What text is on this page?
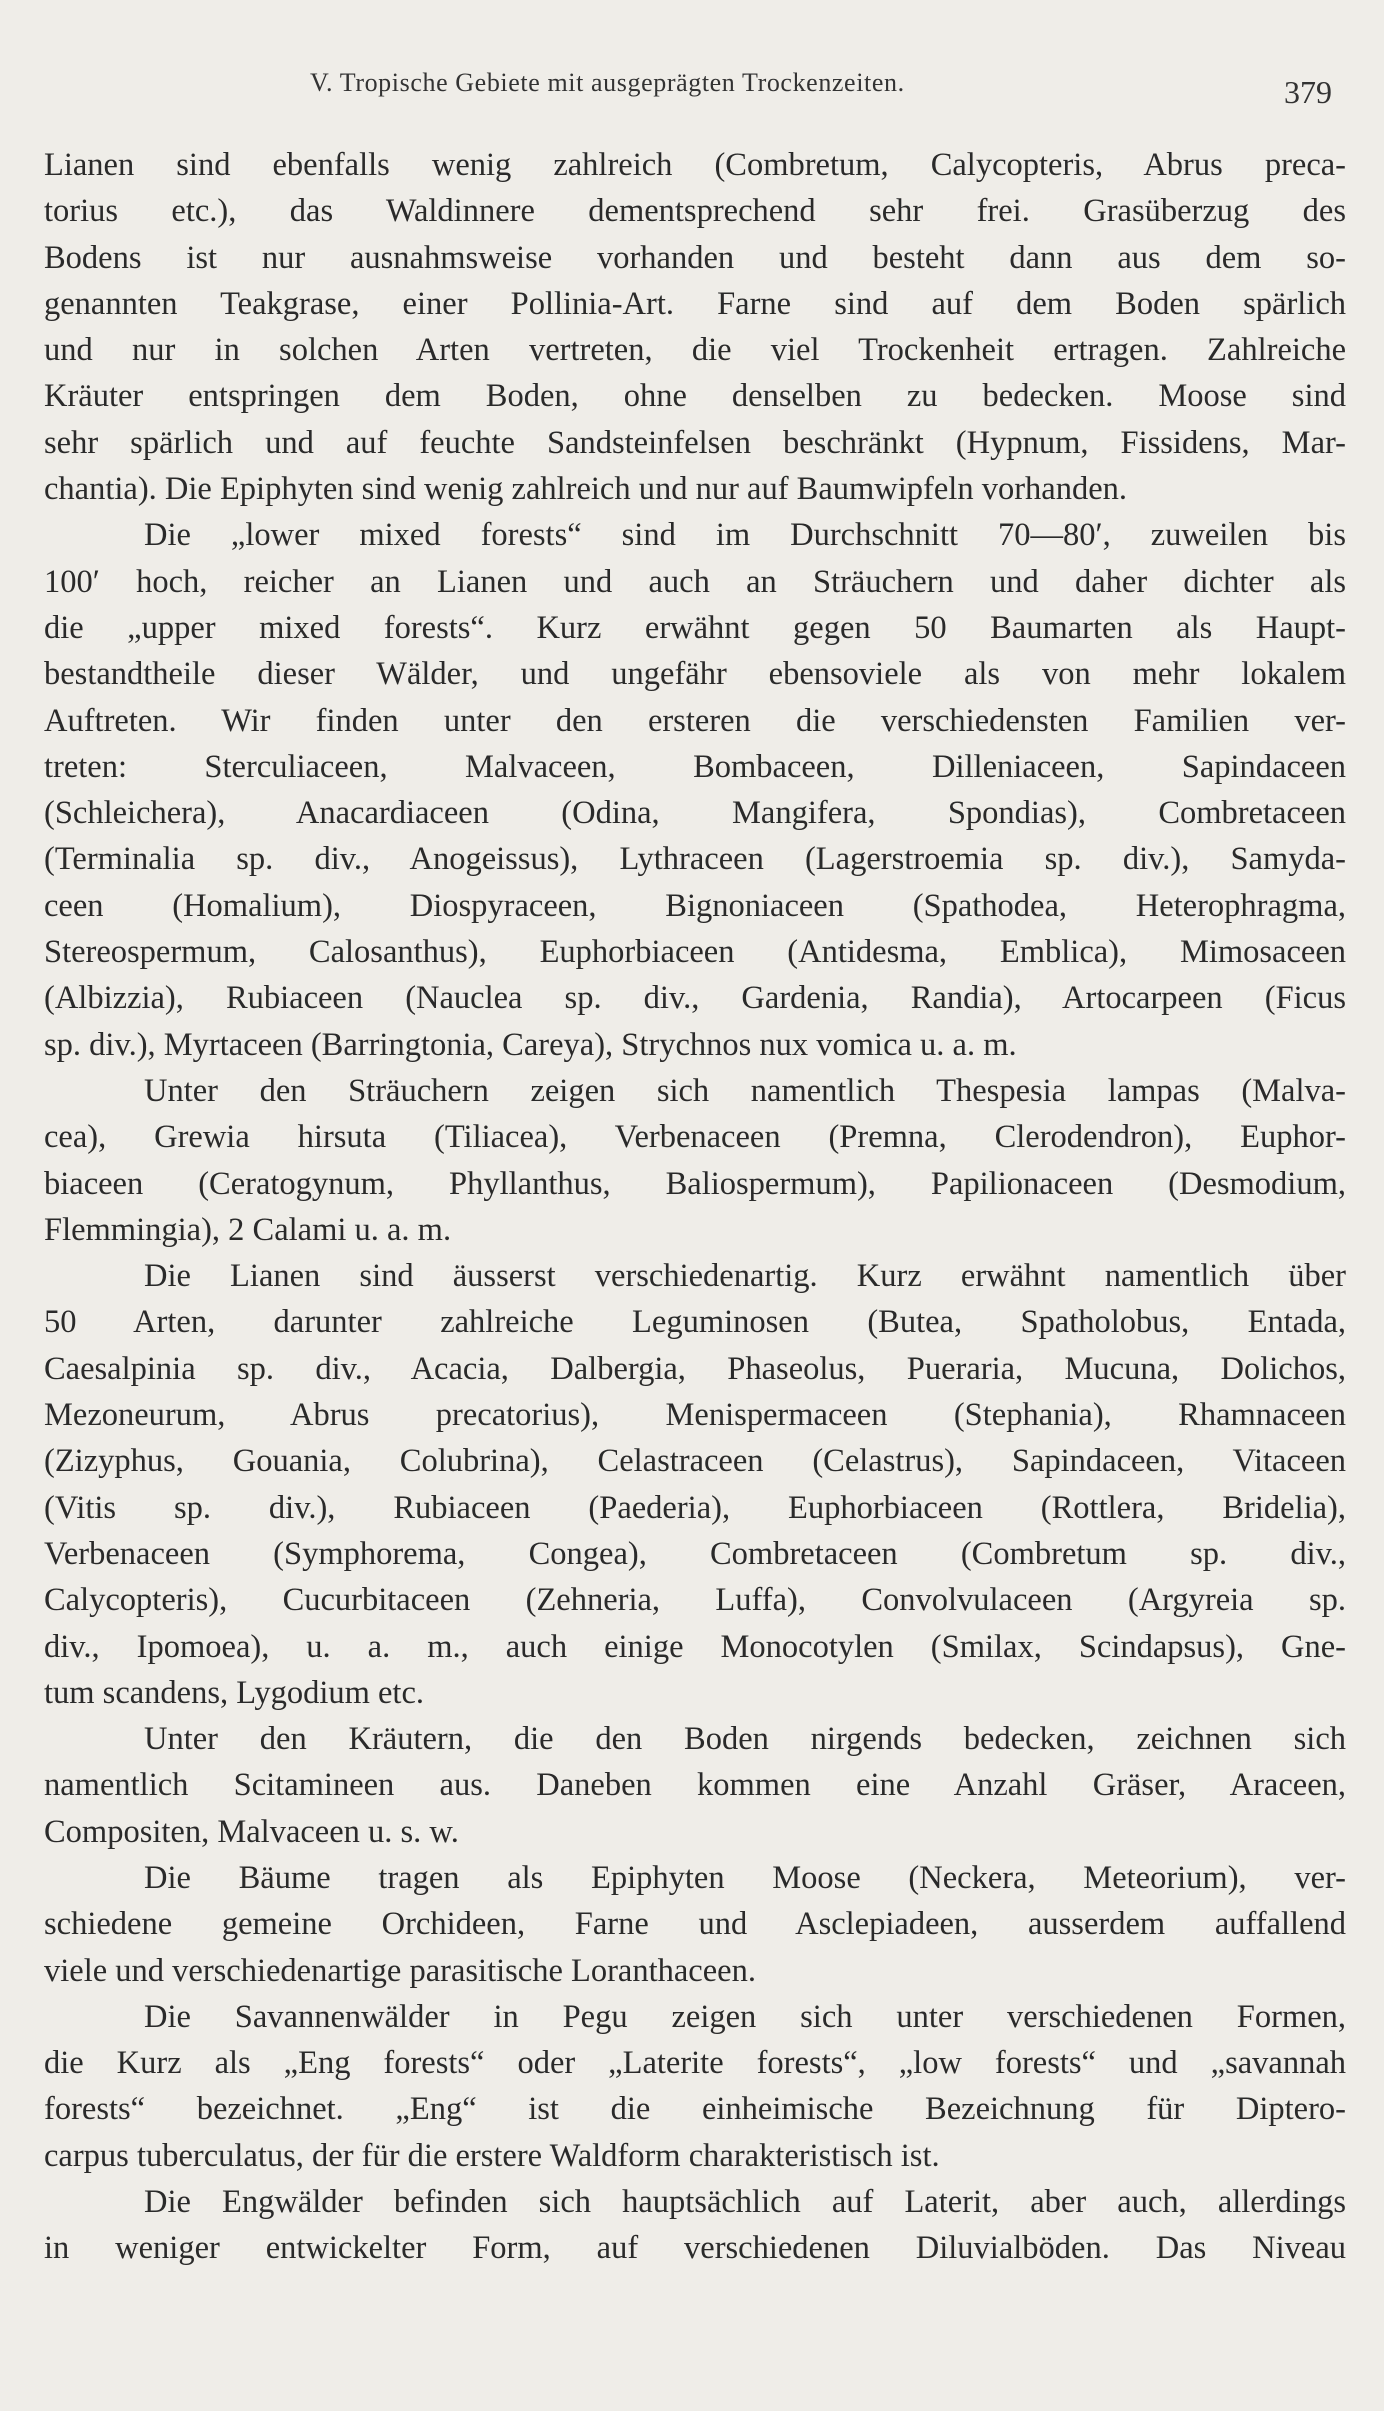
V. Tropische Gebiete mit ausgeprägten Trockenzeiten.	379
Lianen sind ebenfalls wenig zahlreich (Combretum, Calycopteris, Abrus preca-
torius etc.), das Waldinnere dementsprechend sehr frei. Grasüberzug des
Bodens ist nur ausnahmsweise vorhanden und besteht dann aus dem so-
genannten Teakgrase, einer Pollinia-Art. Farne sind auf dem Boden spärlich
und nur in solchen Arten vertreten, die viel Trockenheit ertragen. Zahlreiche
Kräuter entspringen dem Boden, ohne denselben zu bedecken. Moose sind
sehr spärlich und auf feuchte Sandsteinfelsen beschränkt (Hypnum, Fissidens, Mar-
chantia). Die Epiphyten sind wenig zahlreich und nur auf Baumwipfeln vorhanden.
Die „lower mixed forests“ sind im Durchschnitt 70—80′, zuweilen bis
100′ hoch, reicher an Lianen und auch an Sträuchern und daher dichter als
die „upper mixed forests“. Kurz erwähnt gegen 50 Baumarten als Haupt-
bestandtheile dieser Wälder, und ungefähr ebensoviele als von mehr lokalem
Auftreten. Wir finden unter den ersteren die verschiedensten Familien ver-
treten: Sterculiaceen, Malvaceen, Bombaceen, Dilleniaceen, Sapindaceen
(Schleichera), Anacardiaceen (Odina, Mangifera, Spondias), Combretaceen
(Terminalia sp. div., Anogeissus), Lythraceen (Lagerstroemia sp. div.), Samyda-
ceen (Homalium), Diospyraceen, Bignoniaceen (Spathodea, Heterophragma,
Stereospermum, Calosanthus), Euphorbiaceen (Antidesma, Emblica), Mimosaceen
(Albizzia), Rubiaceen (Nauclea sp. div., Gardenia, Randia), Artocarpeen (Ficus
sp. div.), Myrtaceen (Barringtonia, Careya), Strychnos nux vomica u. a. m.
Unter den Sträuchern zeigen sich namentlich Thespesia lampas (Malva-
cea), Grewia hirsuta (Tiliacea), Verbenaceen (Premna, Clerodendron), Euphor-
biaceen (Ceratogynum, Phyllanthus, Baliospermum), Papilionaceen (Desmodium,
Flemmingia), 2 Calami u. a. m.
Die Lianen sind äusserst verschiedenartig. Kurz erwähnt namentlich über
50 Arten, darunter zahlreiche Leguminosen (Butea, Spatholobus, Entada,
Caesalpinia sp. div., Acacia, Dalbergia, Phaseolus, Pueraria, Mucuna, Dolichos,
Mezoneurum, Abrus precatorius), Menispermaceen (Stephania), Rhamnaceen
(Zizyphus, Gouania, Colubrina), Celastraceen (Celastrus), Sapindaceen, Vitaceen
(Vitis sp. div.), Rubiaceen (Paederia), Euphorbiaceen (Rottlera, Bridelia),
Verbenaceen (Symphorema, Congea), Combretaceen (Combretum sp. div.,
Calycopteris), Cucurbitaceen (Zehneria, Luffa), Convolvulaceen (Argyreia sp.
div., Ipomoea), u. a. m., auch einige Monocotylen (Smilax, Scindapsus), Gne-
tum scandens, Lygodium etc.
Unter den Kräutern, die den Boden nirgends bedecken, zeichnen sich
namentlich Scitamineen aus. Daneben kommen eine Anzahl Gräser, Araceen,
Compositen, Malvaceen u. s. w.
Die Bäume tragen als Epiphyten Moose (Neckera, Meteorium), ver-
schiedene gemeine Orchideen, Farne und Asclepiadeen, ausserdem auffallend
viele und verschiedenartige parasitische Loranthaceen.
Die Savannenwälder in Pegu zeigen sich unter verschiedenen Formen,
die Kurz als „Eng forests“ oder „Laterite forests“, „low forests“ und „savannah
forests“ bezeichnet. „Eng“ ist die einheimische Bezeichnung für Diptero-
carpus tuberculatus, der für die erstere Waldform charakteristisch ist.
Die Engwälder befinden sich hauptsächlich auf Laterit, aber auch, allerdings
in weniger entwickelter Form, auf verschiedenen Diluvialböden. Das Niveau
